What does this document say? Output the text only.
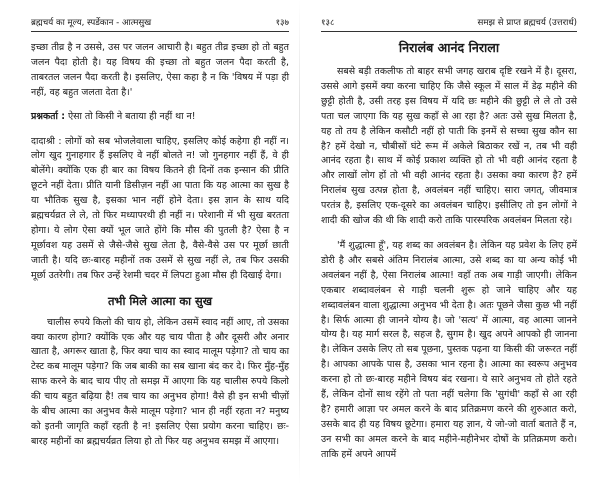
ब्रह्मचर्य का मूल्य, स्पर्डेकान - आत्मसुख	१३७
इच्छा तीव्र है न उससे, उस पर जलन आचारी है। बहुत तीव्र इच्छा हो तो बहुत जलन पैदा होती है। यह विषय की इच्छा तो बहुत जलन पैदा करती है, ताबरतल जलन पैदा करती है। इसलिए, ऐसा कहा है न कि 'विषय में पड़ा ही नहीं, वह बहुत जलता देता है।'
प्रश्नकर्ता : ऐसा तो किसी ने बताया ही नहीं था न!
दादाश्री : लोगों को सब भोजलेवाला चाहिए, इसलिए कोई कहेगा ही नहीं न। लोग खुद गुनाहगार हैं इसलिए वे नहीं बोलते न! जो गुनहगार नहीं हैं, वे ही बोलेंगे। क्योंकि एक ही बार का विषय कितने ही दिनों तक इन्सान की प्रीति छूटने नहीं देता। प्रीति यानी डिसीज़न नहीं आ पाता कि यह आत्मा का सुख है या भौतिक सुख है, इसका भान नहीं होने देता। इस ज्ञान के साथ यदि ब्रह्मचर्यव्रत ले ले, तो फिर मध्यापरथी ही नहीं न। परेशानी में भी सुख बरतता होगा। ये लोग ऐसा क्यों भूल जाते होंगे कि मौस की पुतली है? ऐसा है न मूर्छावश यह उसमें से जैसे-जैसे सुख लेता है, वैसे-वैसे उस पर मूर्छा छाती जाती है। यदि छः-बारह महीनों तक उसमें से सुख नहीं ले, तब फिर उसकी मूर्छा उतरेगी। तब फिर उन्हें रेशमी चदर में लिपटा हुआ मौस ही दिखाई देगा।
तभी मिले आत्मा का सुख
चालीस रुपये किलो की चाय हो, लेकिन उसमें स्वाद नहीं आए, तो उसका क्या कारण होगा? क्योंकि एक और यह चाय पीता है और दूसरी और अनार खाता है, अगरूर खाता है, फिर क्या चाय का स्वाद मालूम पड़ेगा? तो चाय का टेस्ट कब मालूम पड़ेगा? कि जब बाकी का सब खाना बंद कर दे। फिर मुँह-मुँह साफ करने के बाद चाय पीए तो समझ में आएगा कि यह चालीस रुपये किलो की चाय बहुत बढ़िया है! तब चाय का अनुभव होगा! वैसे ही इन सभी चीज़ों के बीच आत्मा का अनुभव कैसे मालूम पड़ेगा? भान ही नहीं रहता न? मनुष्य को इतनी जागृति कहाँ रहती है न! इसलिए ऐसा प्रयोग करना चाहिए। छः-बारह महीनों का ब्रह्मचर्यव्रत लिया हो तो फिर यह अनुभव समझ में आएगा।
१३८	समझ से प्राप्त ब्रह्मचर्य (उत्तरार्ध)
निरालंब आनंद निराला
सबसे बड़ी तकलीफ तो बाहर सभी जगह खराब दृष्टि रखने में है। दूसरा, उससे आगे इसमें क्या करना चाहिए कि जैसे स्कूल में साल में डेढ़ महीने की छुट्टी होती है, उसी तरह इस विषय में यदि छः महीने की छुट्टी ले ले तो उसे पता चल जाएगा कि यह सुख कहाँ से आ रहा है? अतः उसे सुख मिलता है, यह तो तय है लेकिन कसौटी नहीं हो पाती कि इनमें से सच्चा सुख कौन सा है? हमें देखो न, चौबीसों घंटे रूम में अकेले बिठाकर रखें न, तब भी वही आनंद रहता है। साथ में कोई प्रकाश व्यक्ति हो तो भी वही आनंद रहता है और लाखों लोग हों तो भी वही आनंद रहता है। उसका क्या कारण है? हमें निरालंब सुख उत्पन्न होता है, अवलंबन नहीं चाहिए। सारा जगत्, जीवमात्र परतंत्र है, इसलिए एक-दूसरे का अवलंबन चाहिए। इसीलिए तो इन लोगों ने शादी की खोज की थी कि शादी करो ताकि पारस्परिक अवलंबन मिलता रहे।
'मैं शुद्धात्मा हूँ', यह शब्द का अवलंबन है। लेकिन यह प्रवेश के लिए हमें डोरी है और सबसे अंतिम निरालंब आत्मा, उसे शब्द का या अन्य कोई भी अवलंबन नहीं है, ऐसा निरालंब आत्मा! वहाँ तक अब गाड़ी जाएगी। लेकिन एकबार शब्दावलंबन से गाड़ी चलनी शुरू हो जाने चाहिए और यह शब्दावलंबन वाला शुद्धात्मा अनुभव भी देता है। अतः पूछने जैसा कुछ भी नहीं है। सिर्फ आत्मा ही जानने योग्य है। जो 'सत्य' में आत्मा, वह आत्मा जानने योग्य है। यह मार्ग सरल है, सहज है, सुगम है। खुद अपने आपको ही जानना है। लेकिन उसके लिए तो सब पूछना, पुस्तक पढ़ना या किसी की जरूरत नहीं है। आपका आपके पास है, उसका भान रहना है। आत्मा का स्वरूप अनुभव करना हो तो छः-बारह महीने विषय बंद रखना। ये सारे अनुभव तो होते रहते हैं, लेकिन दोनों साथ रहेंगे तो पता नहीं चलेगा कि 'सुगंधी' कहाँ से आ रही है? हमारी आज्ञा पर अमल करने के बाद प्रतिक्रमण करने की शुरुआत करो, उसके बाद ही यह विषय छूटेगा। हमारा यह ज्ञान, ये जो-जो वार्ता बताते हैं न, उन सभी का अमल करने के बाद महीने-महीनेभर दोषों के प्रतिक्रमण करो। ताकि हमें अपने आपमें
